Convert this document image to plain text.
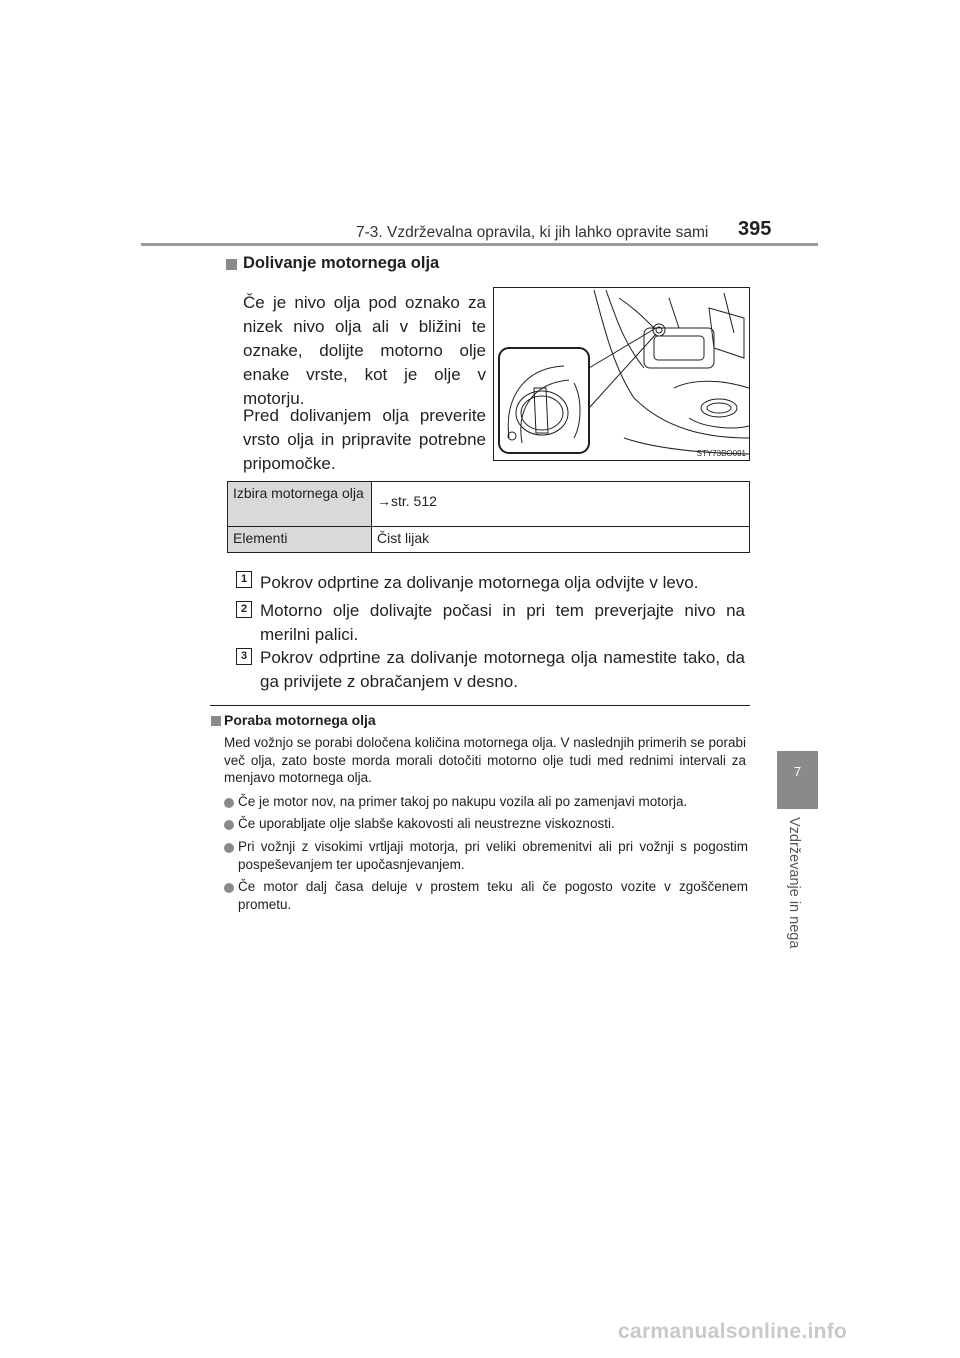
7-3. Vzdrževalna opravila, ki jih lahko opravite sami 395
7
Vzdrževanje in nega
Dolivanje motornega olja
Če je nivo olja pod oznako za nizek nivo olja ali v bližini te oznake, dolijte motorno olje enake vrste, kot je olje v motorju.
Pred dolivanjem olja preverite vrsto olja in pripravite potrebne pripomočke.
STY73BO091
Izbira motornega olja	→str. 512
Elementi	Čist lijak
1 Pokrov odprtine za dolivanje motornega olja odvijte v levo.
2 Motorno olje dolivajte počasi in pri tem preverjajte nivo na merilni palici.
3 Pokrov odprtine za dolivanje motornega olja namestite tako, da ga privijete z obračanjem v desno.
Poraba motornega olja
Med vožnjo se porabi določena količina motornega olja. V naslednjih primerih se porabi več olja, zato boste morda morali dotočiti motorno olje tudi med rednimi intervali za menjavo motornega olja.
Če je motor nov, na primer takoj po nakupu vozila ali po zamenjavi motorja.
Če uporabljate olje slabše kakovosti ali neustrezne viskoznosti.
Pri vožnji z visokimi vrtljaji motorja, pri veliki obremenitvi ali pri vožnji s pogostim pospeševanjem ter upočasnjevanjem.
Če motor dalj časa deluje v prostem teku ali če pogosto vozite v zgoščenem prometu.
carmanualsonline.info
